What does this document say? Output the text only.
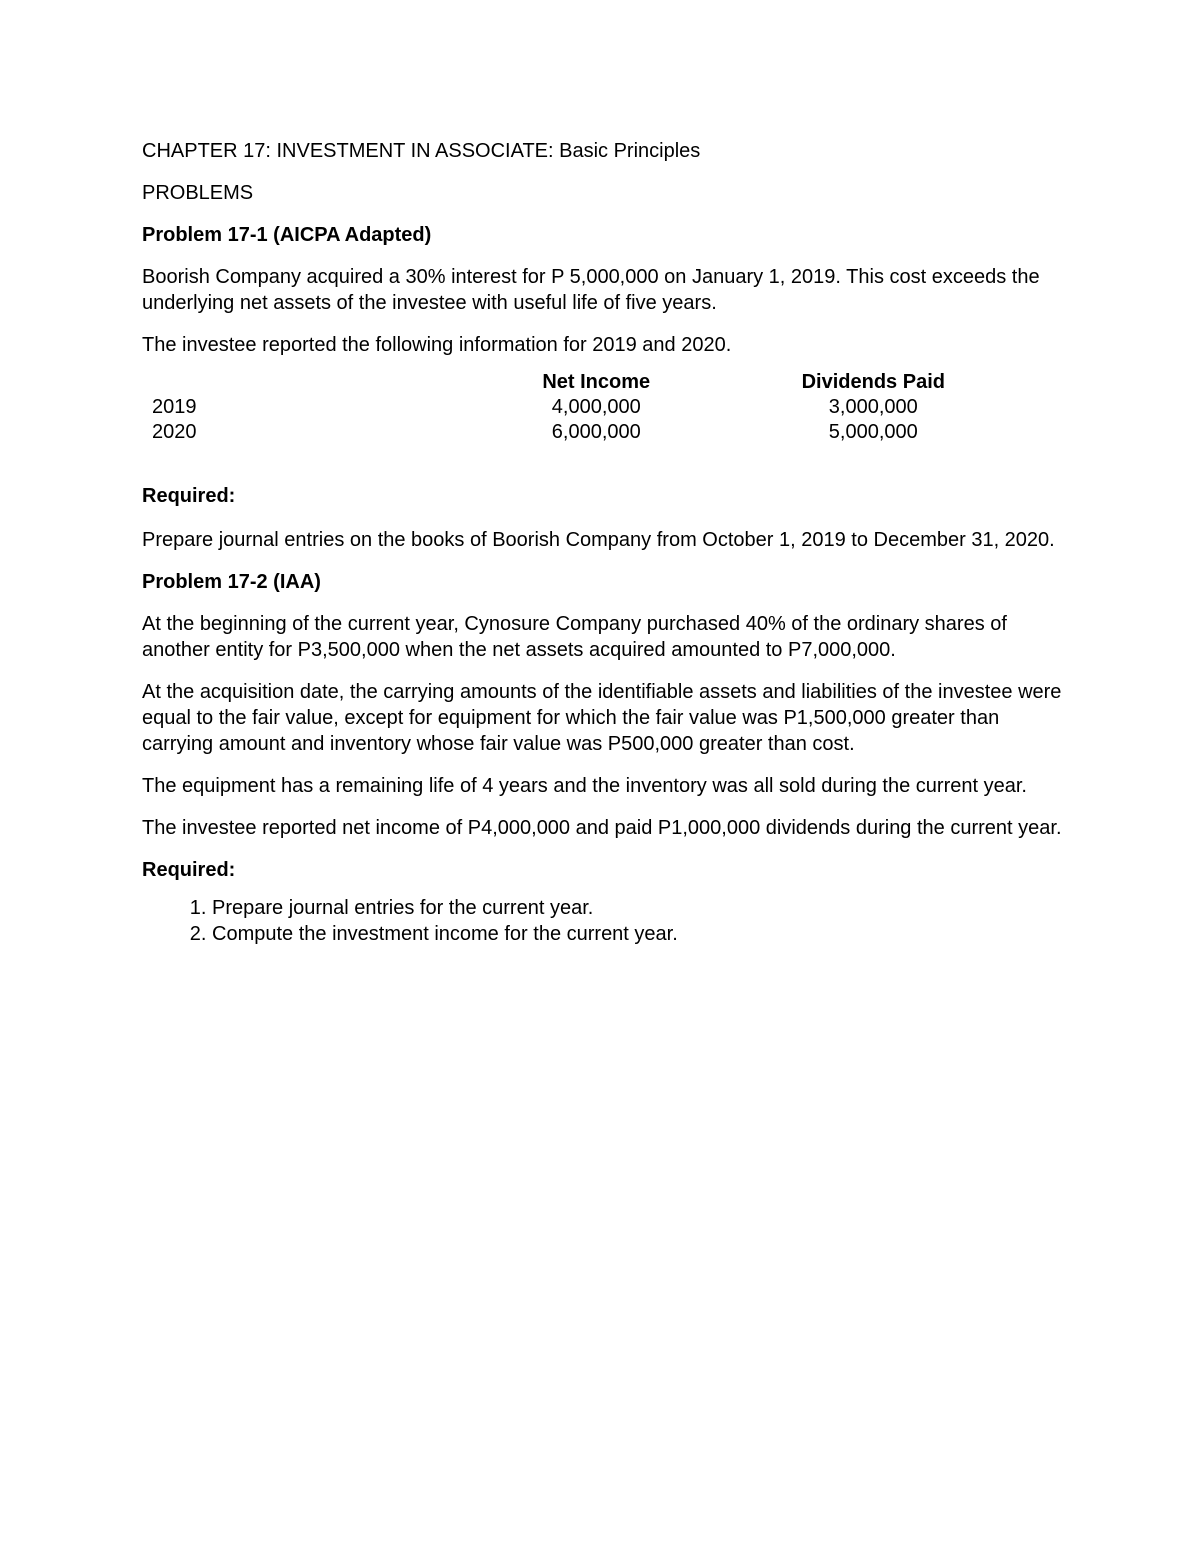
CHAPTER 17: INVESTMENT IN ASSOCIATE: Basic Principles

PROBLEMS

Problem 17-1 (AICPA Adapted)

Boorish Company acquired a 30% interest for P 5,000,000 on January 1, 2019. This cost exceeds the underlying net assets of the investee with useful life of five years.

The investee reported the following information for 2019 and 2020.

	Net Income	Dividends Paid
2019	4,000,000	3,000,000
2020	6,000,000	5,000,000

Required:

Prepare journal entries on the books of Boorish Company from October 1, 2019 to December 31, 2020.

Problem 17-2 (IAA)

At the beginning of the current year, Cynosure Company purchased 40% of the ordinary shares of another entity for P3,500,000 when the net assets acquired amounted to P7,000,000.

At the acquisition date, the carrying amounts of the identifiable assets and liabilities of the investee were equal to the fair value, except for equipment for which the fair value was P1,500,000 greater than carrying amount and inventory whose fair value was P500,000 greater than cost.

The equipment has a remaining life of 4 years and the inventory was all sold during the current year.

The investee reported net income of P4,000,000 and paid P1,000,000 dividends during the current year.

Required:

1. Prepare journal entries for the current year.
2. Compute the investment income for the current year.
